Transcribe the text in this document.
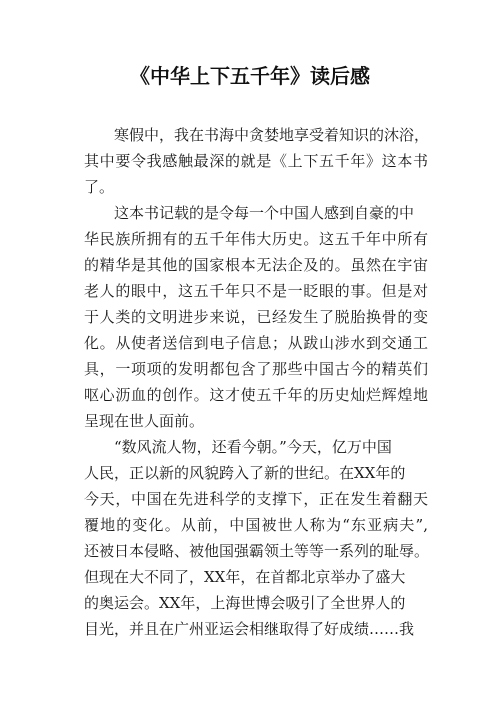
《中华上下五千年》读后感
寒假中，我在书海中贪婪地享受着知识的沐浴，
其中要令我感触最深的就是《上下五千年》这本书
了。
这本书记载的是令每一个中国人感到自豪的中
华民族所拥有的五千年伟大历史。这五千年中所有
的精华是其他的国家根本无法企及的。虽然在宇宙
老人的眼中，这五千年只不是一眨眼的事。但是对
于人类的文明进步来说，已经发生了脱胎换骨的变
化。从使者送信到电子信息；从跋山涉水到交通工
具，一项项的发明都包含了那些中国古今的精英们
呕心沥血的创作。这才使五千年的历史灿烂辉煌地
呈现在世人面前。
“数风流人物，还看今朝。”今天，亿万中国
人民，正以新的风貌跨入了新的世纪。在XX年的
今天，中国在先进科学的支撑下，正在发生着翻天
覆地的变化。从前，中国被世人称为“东亚病夫”,
还被日本侵略、被他国强霸领土等等一系列的耻辱。
但现在大不同了，XX年，在首都北京举办了盛大
的奥运会。XX年，上海世博会吸引了全世界人的
目光，并且在广州亚运会相继取得了好成绩……我
